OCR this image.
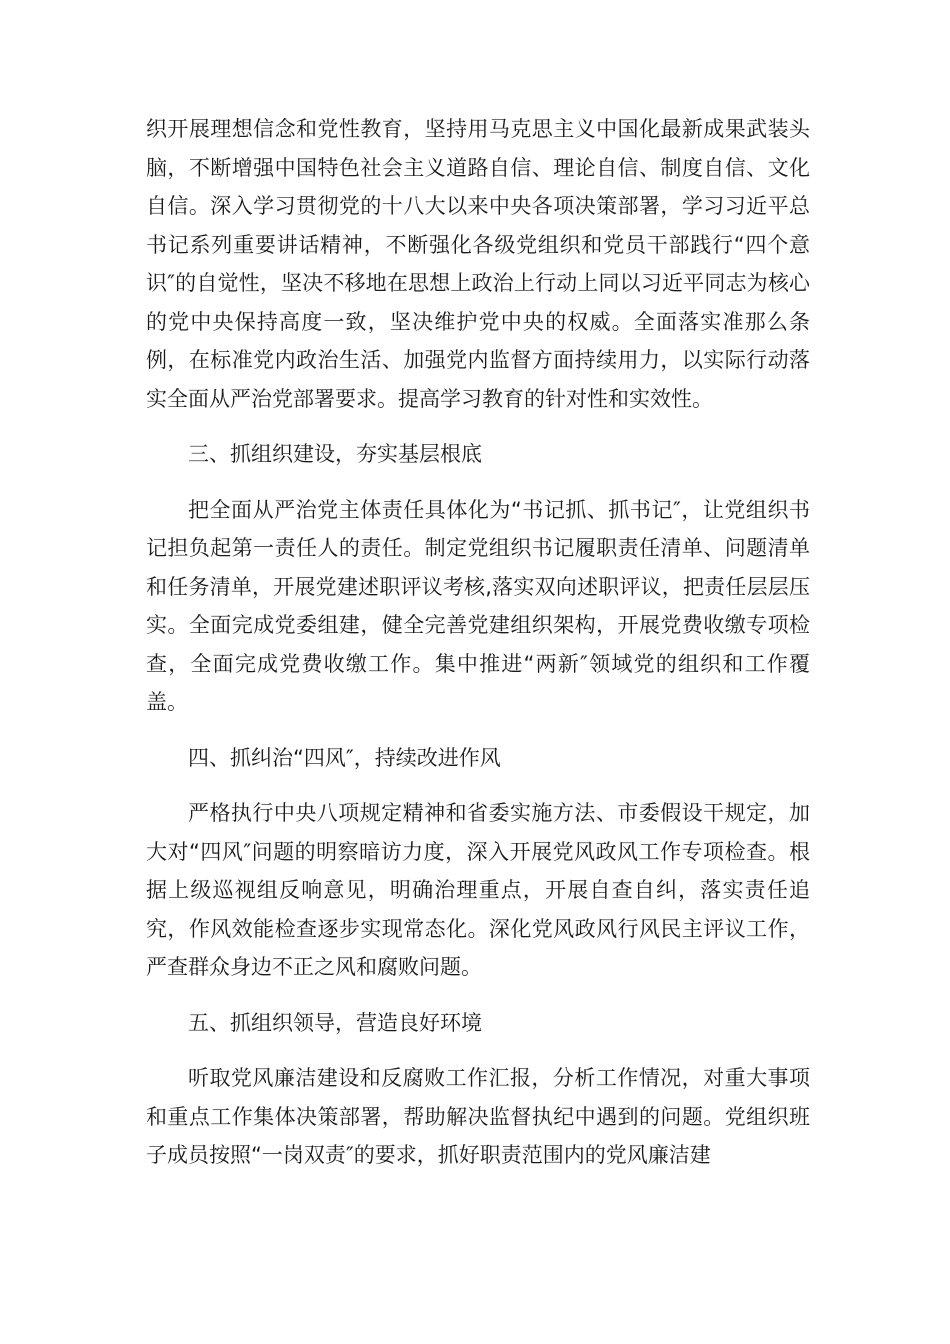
织开展理想信念和党性教育，坚持用马克思主义中国化最新成果武装头脑，不断增强中国特色社会主义道路自信、理论自信、制度自信、文化自信。深入学习贯彻党的十八大以来中央各项决策部署，学习习近平总书记系列重要讲话精神，不断强化各级党组织和党员干部践行“四个意识″的自觉性，坚决不移地在思想上政治上行动上同以习近平同志为核心的党中央保持高度一致，坚决维护党中央的权威。全面落实准那么条例，在标准党内政治生活、加强党内监督方面持续用力，以实际行动落实全面从严治党部署要求。提高学习教育的针对性和实效性。

三、抓组织建设，夯实基层根底

把全面从严治党主体责任具体化为“书记抓、抓书记″，让党组织书记担负起第一责任人的责任。制定党组织书记履职责任清单、问题清单和任务清单，开展党建述职评议考核,落实双向述职评议，把责任层层压实。全面完成党委组建，健全完善党建组织架构，开展党费收缴专项检查，全面完成党费收缴工作。集中推进“两新″领域党的组织和工作覆盖。

四、抓纠治“四风″，持续改进作风

严格执行中央八项规定精神和省委实施方法、市委假设干规定，加大对“四风″问题的明察暗访力度，深入开展党风政风工作专项检查。根据上级巡视组反响意见，明确治理重点，开展自查自纠，落实责任追究，作风效能检查逐步实现常态化。深化党风政风行风民主评议工作，严查群众身边不正之风和腐败问题。

五、抓组织领导，营造良好环境

听取党风廉洁建设和反腐败工作汇报，分析工作情况，对重大事项和重点工作集体决策部署，帮助解决监督执纪中遇到的问题。党组织班子成员按照“一岗双责″的要求，抓好职责范围内的党风廉洁建
